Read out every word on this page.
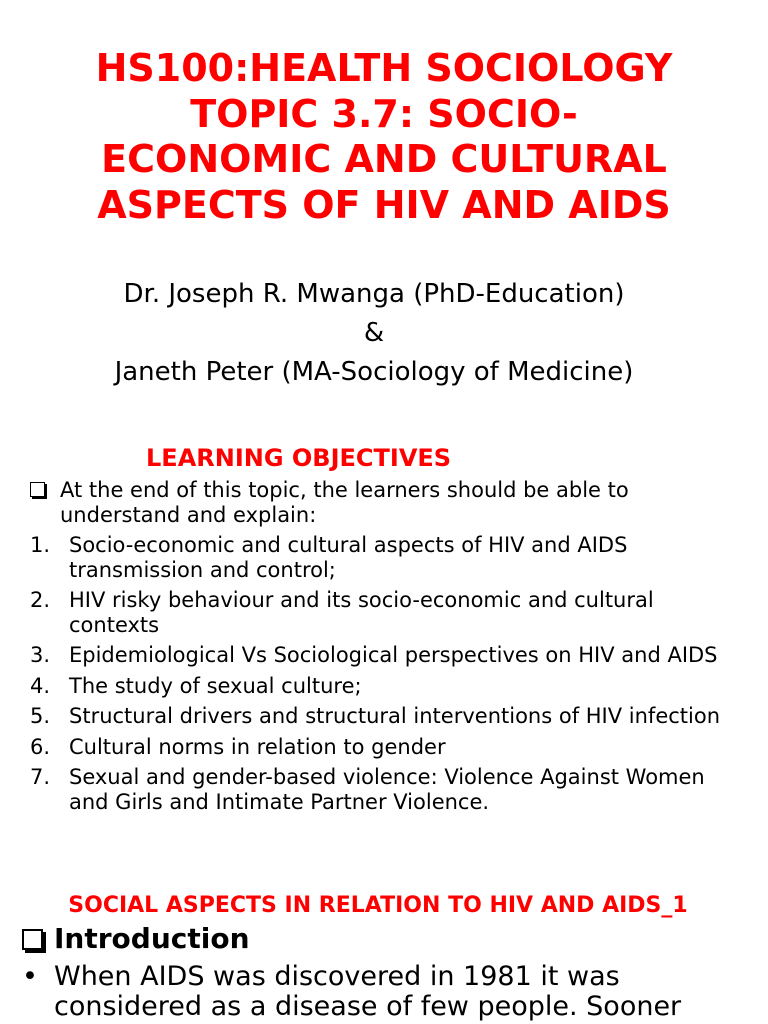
HS100:HEALTH SOCIOLOGY
TOPIC 3.7: SOCIO-
ECONOMIC AND CULTURAL
ASPECTS OF HIV AND AIDS
Dr. Joseph R. Mwanga (PhD-Education)
&
Janeth Peter (MA-Sociology of Medicine)
LEARNING OBJECTIVES
At the end of this topic, the learners should be able to understand and explain:
1. Socio-economic and cultural aspects of HIV and AIDS transmission and control;
2. HIV risky behaviour and its socio-economic and cultural contexts
3. Epidemiological Vs Sociological perspectives on HIV and AIDS
4. The study of sexual culture;
5. Structural drivers and structural interventions of HIV infection
6. Cultural norms in relation to gender
7. Sexual and gender-based violence: Violence Against Women and Girls and Intimate Partner Violence.
SOCIAL ASPECTS IN RELATION TO HIV AND AIDS_1
Introduction
• When AIDS was discovered in 1981 it was considered as a disease of few people. Sooner
